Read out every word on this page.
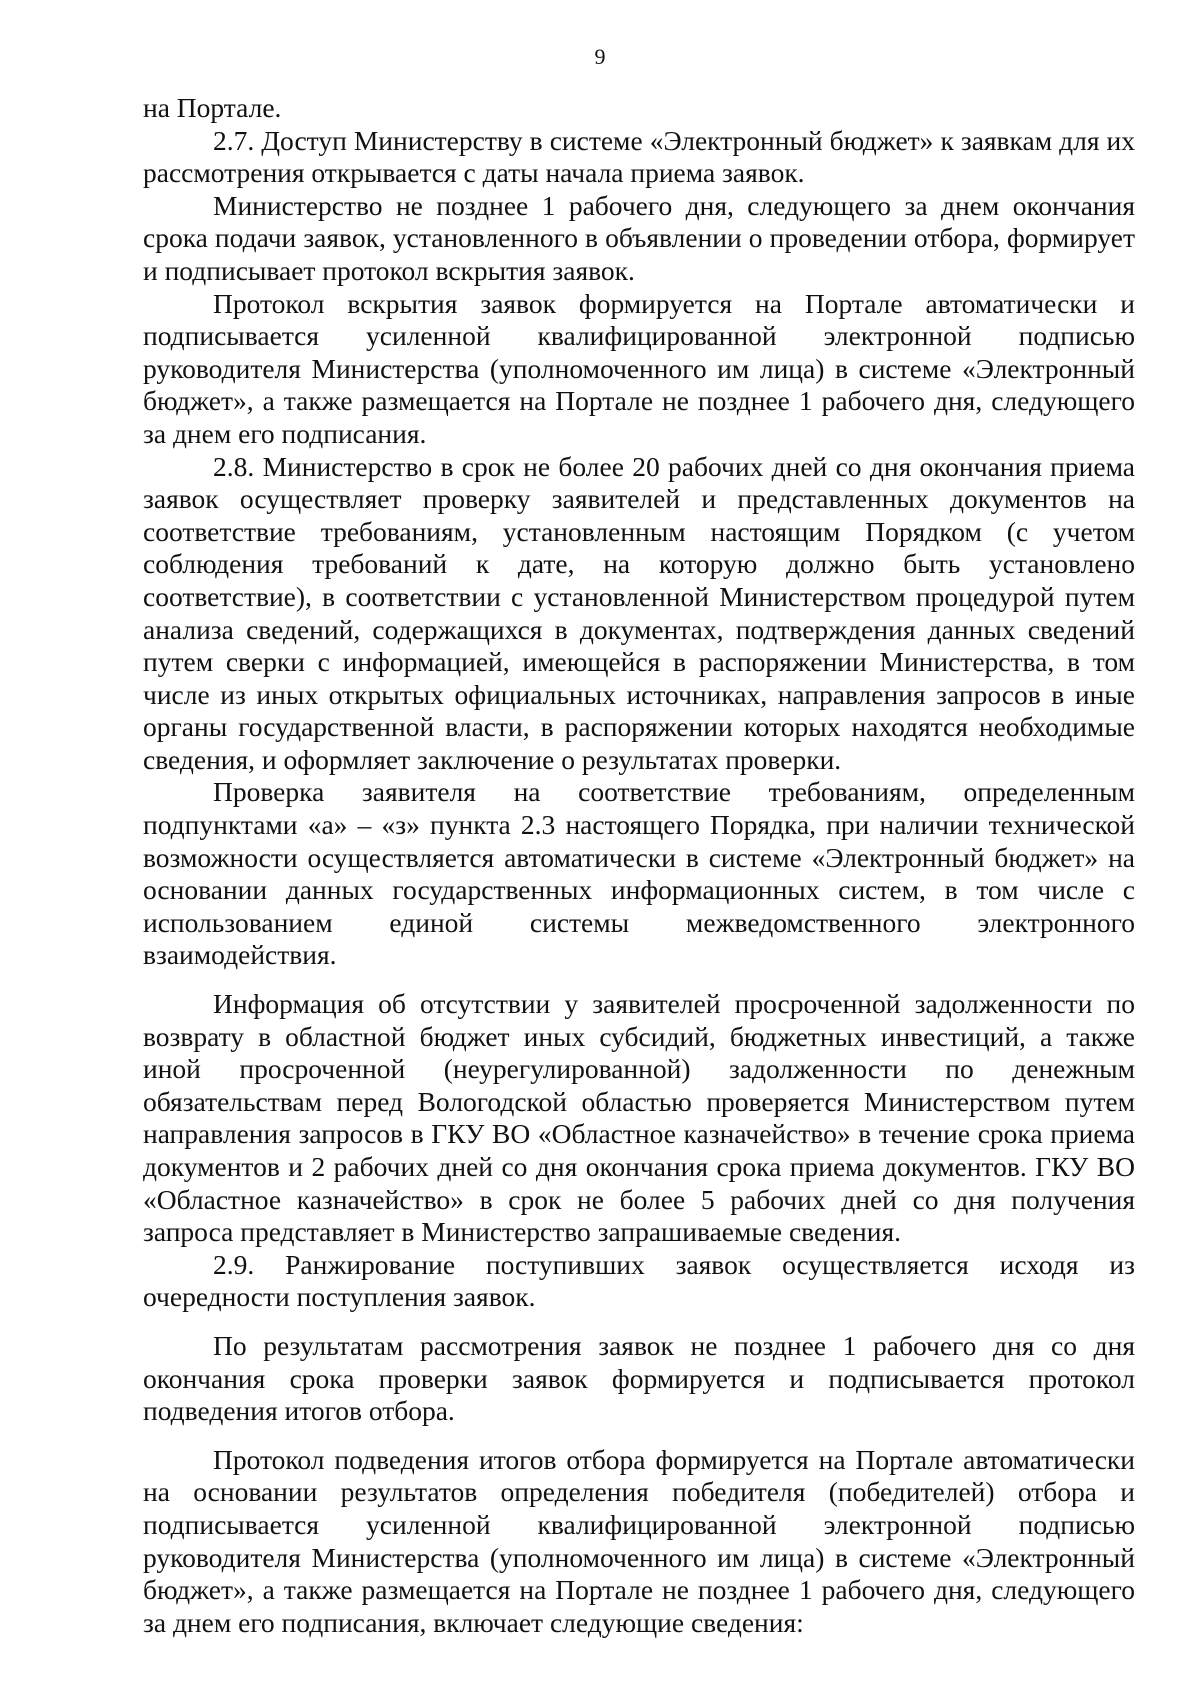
9

на Портале.

2.7. Доступ Министерству в системе «Электронный бюджет» к заявкам для их рассмотрения открывается с даты начала приема заявок.

Министерство не позднее 1 рабочего дня, следующего за днем окончания срока подачи заявок, установленного в объявлении о проведении отбора, формирует и подписывает протокол вскрытия заявок.

Протокол вскрытия заявок формируется на Портале автоматически и подписывается усиленной квалифицированной электронной подписью руководителя Министерства (уполномоченного им лица) в системе «Электронный бюджет», а также размещается на Портале не позднее 1 рабочего дня, следующего за днем его подписания.

2.8. Министерство в срок не более 20 рабочих дней со дня окончания приема заявок осуществляет проверку заявителей и представленных документов на соответствие требованиям, установленным настоящим Порядком (с учетом соблюдения требований к дате, на которую должно быть установлено соответствие), в соответствии с установленной Министерством процедурой путем анализа сведений, содержащихся в документах, подтверждения данных сведений путем сверки с информацией, имеющейся в распоряжении Министерства, в том числе из иных открытых официальных источниках, направления запросов в иные органы государственной власти, в распоряжении которых находятся необходимые сведения, и оформляет заключение о результатах проверки.

Проверка заявителя на соответствие требованиям, определенным подпунктами «а» – «з» пункта 2.3 настоящего Порядка, при наличии технической возможности осуществляется автоматически в системе «Электронный бюджет» на основании данных государственных информационных систем, в том числе с использованием единой системы межведомственного электронного взаимодействия.

Информация об отсутствии у заявителей просроченной задолженности по возврату в областной бюджет иных субсидий, бюджетных инвестиций, а также иной просроченной (неурегулированной) задолженности по денежным обязательствам перед Вологодской областью проверяется Министерством путем направления запросов в ГКУ ВО «Областное казначейство» в течение срока приема документов и 2 рабочих дней со дня окончания срока приема документов. ГКУ ВО «Областное казначейство» в срок не более 5 рабочих дней со дня получения запроса представляет в Министерство запрашиваемые сведения.

2.9. Ранжирование поступивших заявок осуществляется исходя из очередности поступления заявок.

По результатам рассмотрения заявок не позднее 1 рабочего дня со дня окончания срока проверки заявок формируется и подписывается протокол подведения итогов отбора.

Протокол подведения итогов отбора формируется на Портале автоматически на основании результатов определения победителя (победителей) отбора и подписывается усиленной квалифицированной электронной подписью руководителя Министерства (уполномоченного им лица) в системе «Электронный бюджет», а также размещается на Портале не позднее 1 рабочего дня, следующего за днем его подписания, включает следующие сведения:
